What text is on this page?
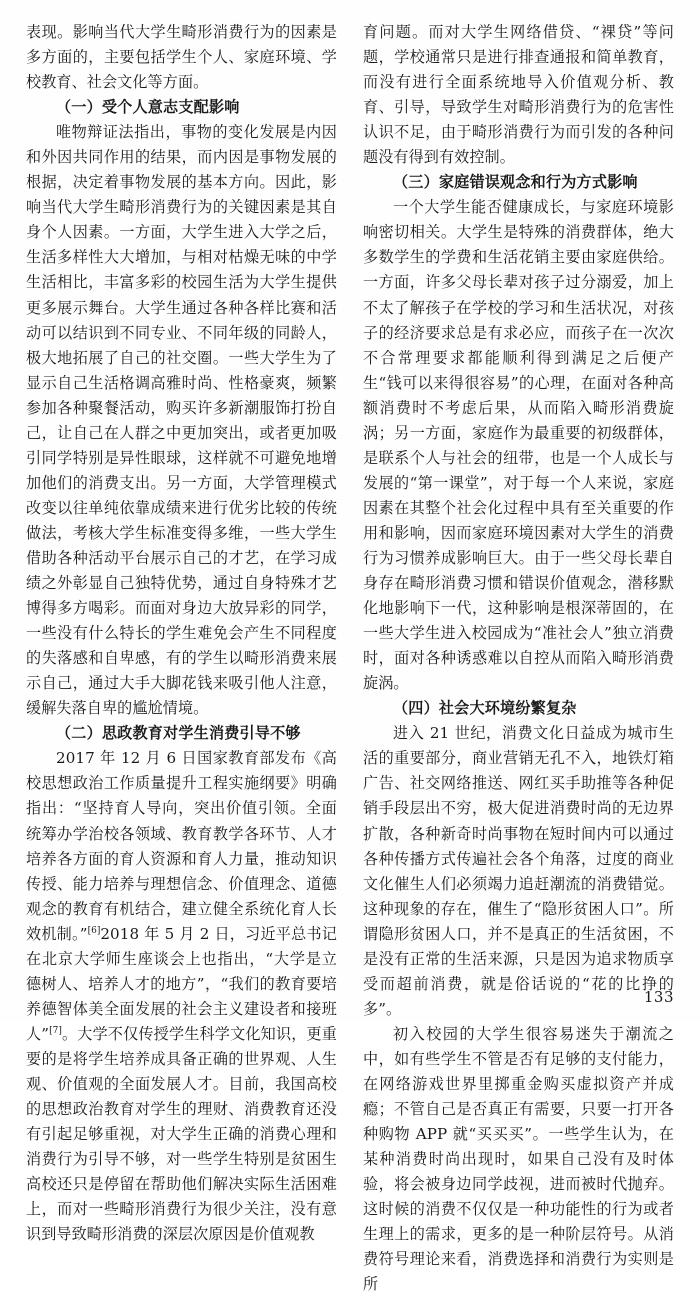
表现。影响当代大学生畸形消费行为的因素是多方面的，主要包括学生个人、家庭环境、学校教育、社会文化等方面。

（一）受个人意志支配影响

唯物辩证法指出，事物的变化发展是内因和外因共同作用的结果，而内因是事物发展的根据，决定着事物发展的基本方向。因此，影响当代大学生畸形消费行为的关键因素是其自身个人因素。一方面，大学生进入大学之后，生活多样性大大增加，与相对枯燥无味的中学生活相比，丰富多彩的校园生活为大学生提供更多展示舞台。大学生通过各种各样比赛和活动可以结识到不同专业、不同年级的同龄人，极大地拓展了自己的社交圈。一些大学生为了显示自己生活格调高雅时尚、性格豪爽，频繁参加各种聚餐活动，购买许多新潮服饰打扮自己，让自己在人群之中更加突出，或者更加吸引同学特别是异性眼球，这样就不可避免地增加他们的消费支出。另一方面，大学管理模式改变以往单纯依靠成绩来进行优劣比较的传统做法，考核大学生标准变得多维，一些大学生借助各种活动平台展示自己的才艺，在学习成绩之外彰显自己独特优势，通过自身特殊才艺博得多方喝彩。而面对身边大放异彩的同学，一些没有什么特长的学生难免会产生不同程度的失落感和自卑感，有的学生以畸形消费来展示自己，通过大手大脚花钱来吸引他人注意，缓解失落自卑的尴尬情境。

（二）思政教育对学生消费引导不够

2017 年 12 月 6 日国家教育部发布《高校思想政治工作质量提升工程实施纲要》明确指出：“坚持育人导向，突出价值引领。全面统筹办学治校各领域、教育教学各环节、人才培养各方面的育人资源和育人力量，推动知识传授、能力培养与理想信念、价值理念、道德观念的教育有机结合，建立健全系统化育人长效机制。”[6]2018 年 5 月 2 日，习近平总书记在北京大学师生座谈会上也指出，“大学是立德树人、培养人才的地方”，“我们的教育要培养德智体美全面发展的社会主义建设者和接班人”[7]。大学不仅传授学生科学文化知识，更重要的是将学生培养成具备正确的世界观、人生观、价值观的全面发展人才。目前，我国高校的思想政治教育对学生的理财、消费教育还没有引起足够重视，对大学生正确的消费心理和消费行为引导不够，对一些学生特别是贫困生高校还只是停留在帮助他们解决实际生活困难上，而对一些畸形消费行为很少关注，没有意识到导致畸形消费的深层次原因是价值观教

育问题。而对大学生网络借贷、“裸贷”等问题，学校通常只是进行排查通报和简单教育，而没有进行全面系统地导入价值观分析、教育、引导，导致学生对畸形消费行为的危害性认识不足，由于畸形消费行为而引发的各种问题没有得到有效控制。

（三）家庭错误观念和行为方式影响

一个大学生能否健康成长，与家庭环境影响密切相关。大学生是特殊的消费群体，绝大多数学生的学费和生活花销主要由家庭供给。一方面，许多父母长辈对孩子过分溺爱，加上不太了解孩子在学校的学习和生活状况，对孩子的经济要求总是有求必应，而孩子在一次次不合常理要求都能顺利得到满足之后便产生“钱可以来得很容易”的心理，在面对各种高额消费时不考虑后果，从而陷入畸形消费旋涡；另一方面，家庭作为最重要的初级群体，是联系个人与社会的纽带，也是一个人成长与发展的“第一课堂”，对于每一个人来说，家庭因素在其整个社会化过程中具有至关重要的作用和影响，因而家庭环境因素对大学生的消费行为习惯养成影响巨大。由于一些父母长辈自身存在畸形消费习惯和错误价值观念，潜移默化地影响下一代，这种影响是根深蒂固的，在一些大学生进入校园成为“准社会人”独立消费时，面对各种诱惑难以自控从而陷入畸形消费旋涡。

（四）社会大环境纷繁复杂

进入 21 世纪，消费文化日益成为城市生活的重要部分，商业营销无孔不入，地铁灯箱广告、社交网络推送、网红买手助推等各种促销手段层出不穷，极大促进消费时尚的无边界扩散，各种新奇时尚事物在短时间内可以通过各种传播方式传遍社会各个角落，过度的商业文化催生人们必须竭力追赶潮流的消费错觉。这种现象的存在，催生了“隐形贫困人口”。所谓隐形贫困人口，并不是真正的生活贫困，不是没有正常的生活来源，只是因为追求物质享受而超前消费，就是俗话说的“花的比挣的多”。

初入校园的大学生很容易迷失于潮流之中，如有些学生不管是否有足够的支付能力，在网络游戏世界里掷重金购买虚拟资产并成瘾；不管自己是否真正有需要，只要一打开各种购物 APP 就“买买买”。一些学生认为，在某种消费时尚出现时，如果自己没有及时体验，将会被身边同学歧视，进而被时代抛弃。这时候的消费不仅仅是一种功能性的行为或者生理上的需求，更多的是一种阶层符号。从消费符号理论来看，消费选择和消费行为实则是所

133
